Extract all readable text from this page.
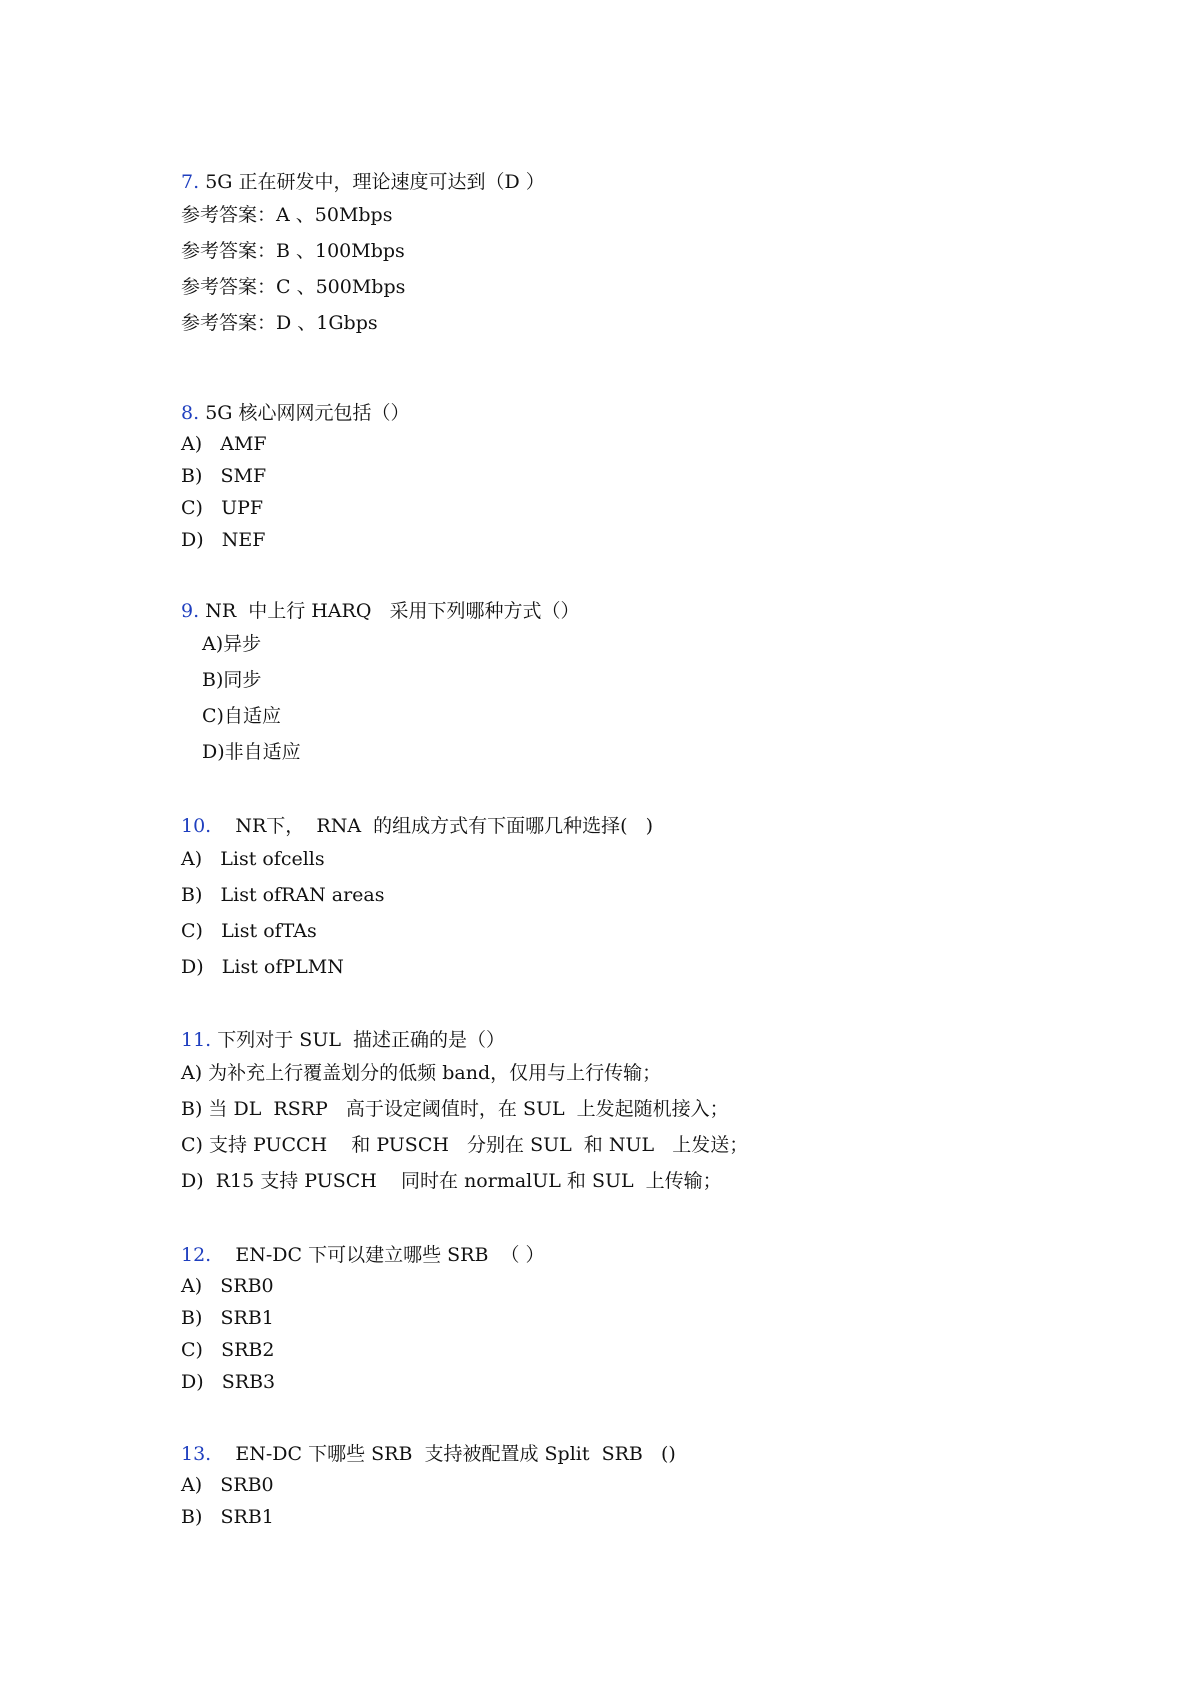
7. 5G 正在研发中，理论速度可达到（D ）
参考答案：A 、50Mbps
参考答案：B 、100Mbps
参考答案：C 、500Mbps
参考答案：D 、1Gbps
8. 5G 核心网网元包括（）
A)   AMF
B)   SMF
C)   UPF
D)   NEF
9. NR  中上行 HARQ   采用下列哪种方式（）
A)异步
B)同步
C)自适应
D)非自适应
10.    NR下，  RNA  的组成方式有下面哪几种选择(   )
A)   List ofcells
B)   List ofRAN areas
C)   List ofTAs
D)   List ofPLMN
11. 下列对于 SUL  描述正确的是（）
A) 为补充上行覆盖划分的低频 band，仅用与上行传输；
B) 当 DL  RSRP   高于设定阈值时，在 SUL  上发起随机接入；
C) 支持 PUCCH    和 PUSCH   分别在 SUL  和 NUL   上发送；
D)  R15 支持 PUSCH    同时在 normalUL 和 SUL  上传输；
12.    EN-DC 下可以建立哪些 SRB  （ ）
A)   SRB0
B)   SRB1
C)   SRB2
D)   SRB3
13.    EN-DC 下哪些 SRB  支持被配置成 Split  SRB   ()
A)   SRB0
B)   SRB1
